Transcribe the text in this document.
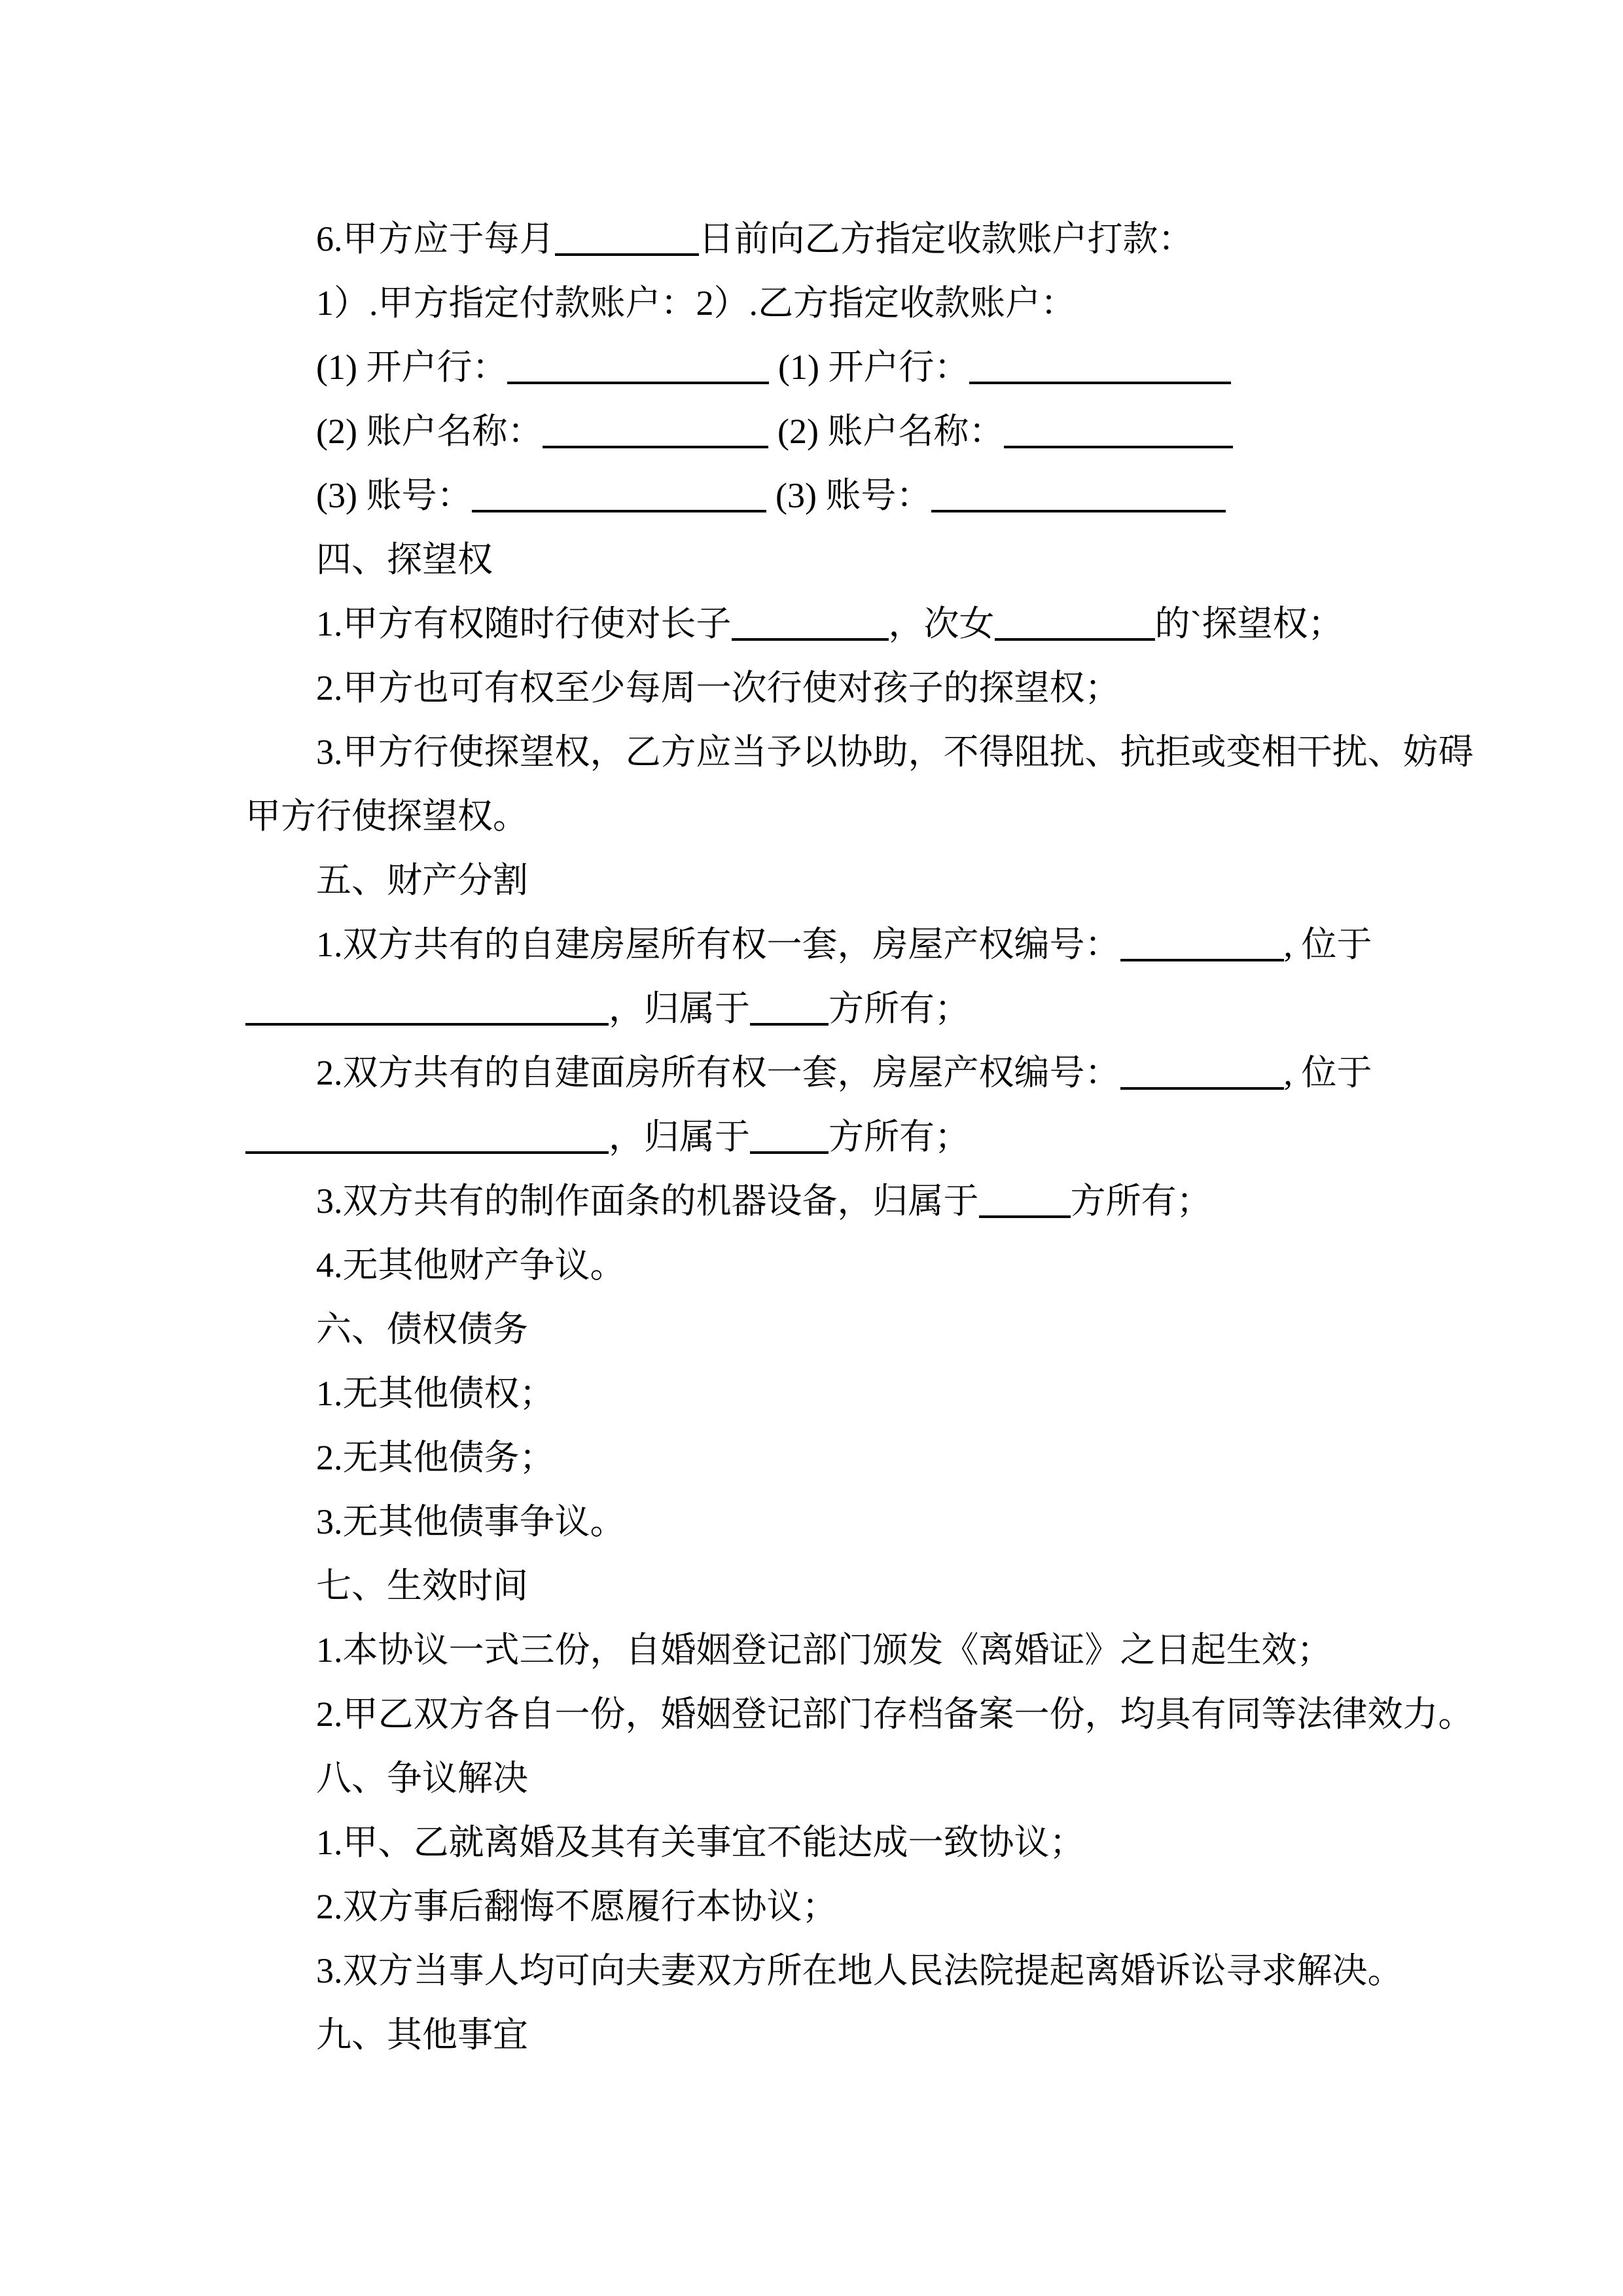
6.甲方应于每月	日前向乙方指定收款账户打款：
1）.甲方指定付款账户：2）.乙方指定收款账户：
(1) 开户行：	(1) 开户行：
(2) 账户名称：	(2) 账户名称：
(3) 账号：	(3) 账号：
四、探望权
1.甲方有权随时行使对长子	，次女	的`探望权；
2.甲方也可有权至少每周一次行使对孩子的探望权；
3.甲方行使探望权，乙方应当予以协助，不得阻扰、抗拒或变相干扰、妨碍
甲方行使探望权。
五、财产分割
1.双方共有的自建房屋所有权一套，房屋产权编号：	, 位于
，归属于 方所有；
2.双方共有的自建面房所有权一套，房屋产权编号：	, 位于
，归属于 方所有；
3.双方共有的制作面条的机器设备，归属于	方所有；
4.无其他财产争议。
六、债权债务
1.无其他债权；
2.无其他债务；
3.无其他债事争议。
七、生效时间
1.本协议一式三份，自婚姻登记部门颁发《离婚证》之日起生效；
2.甲乙双方各自一份，婚姻登记部门存档备案一份，均具有同等法律效力。
八、争议解决
1.甲、乙就离婚及其有关事宜不能达成一致协议；
2.双方事后翻悔不愿履行本协议；
3.双方当事人均可向夫妻双方所在地人民法院提起离婚诉讼寻求解决。
九、其他事宜
